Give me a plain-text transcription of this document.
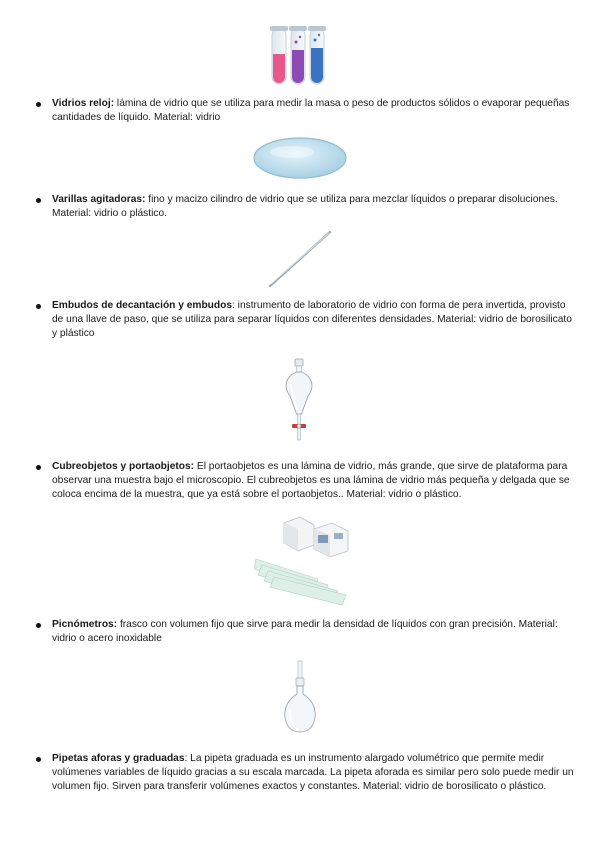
Vidrios reloj: lámina de vidrio que se utiliza para medir la masa o peso de productos sólidos o evaporar pequeñas cantidades de líquido. Material: vidrio

Varillas agitadoras: fino y macizo cilindro de vidrio que se utiliza para mezclar líquidos o preparar disoluciones. Material: vidrio o plástico.

Embudos de decantación y embudos: instrumento de laboratorio de vidrio con forma de pera invertida, provisto de una llave de paso, que se utiliza para separar líquidos con diferentes densidades. Material: vidrio de borosilicato y plástico

Cubreobjetos y portaobjetos: El portaobjetos es una lámina de vidrio, más grande, que sirve de plataforma para observar una muestra bajo el microscopio. El cubreobjetos es una lámina de vidrio más pequeña y delgada que se coloca encima de la muestra, que ya está sobre el portaobjetos.. Material: vidrio o plástico.

Picnómetros: frasco con volumen fijo que sirve para medir la densidad de líquidos con gran precisión. Material: vidrio o acero inoxidable

Pipetas aforas y graduadas: La pipeta graduada es un instrumento alargado volumétrico que permite medir volúmenes variables de líquido gracias a su escala marcada. La pipeta aforada es similar pero solo puede medir un volumen fijo. Sirven para transferir volúmenes exactos y constantes. Material: vidrio de borosilicato o plástico.
